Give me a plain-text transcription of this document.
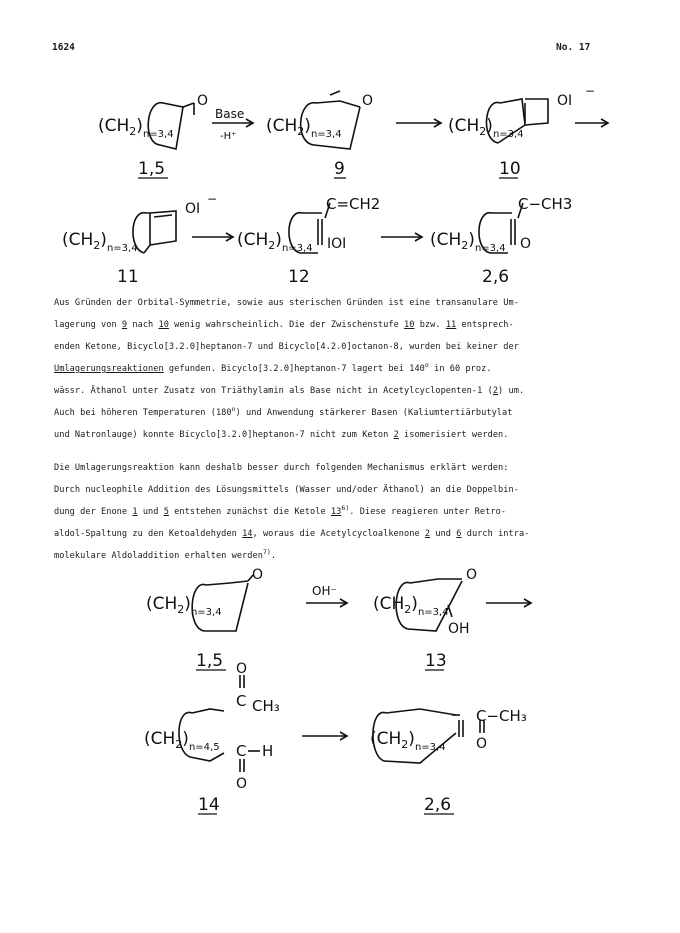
1624	No. 17
$(CH_2)_{n=3,4}$
O
Base
-H⁺
1,5
$(CH_2)_{n=3,4}$
O
9
$(CH_2)_{n=3,4}$
OI
−
10
$(CH_2)_{n=3,4}$
OI
−
$(CH_2)_{n=3,4}$
C=CH2
IOI	$(CH_2)_{n=3,4}$
C−CH3
O
11	12	2,6
Aus Gründen der Orbital-Symmetrie, sowie aus sterischen Gründen ist eine transanulare Um-
lagerung von 9 nach 10 wenig wahrscheinlich. Die der Zwischenstufe 10 bzw. 11 entsprech-
enden Ketone, Bicyclo[3.2.0]heptanon-7 und Bicyclo[4.2.0]octanon-8, wurden bei keiner der
Umlagerungsreaktionen gefunden. Bicyclo[3.2.0]heptanon-7 lagert bei 140$^o$ in 60 proz.
wässr. Äthanol unter Zusatz von Triäthylamin als Base nicht in Acetylcyclopenten-1 (2) um.
Auch bei höheren Temperaturen (180$^o$) und Anwendung stärkerer Basen (Kaliumtertiärbutylat
und Natronlauge) konnte Bicyclo[3.2.0]heptanon-7 nicht zum Keton 2 isomerisiert werden.
Die Umlagerungsreaktion kann deshalb besser durch folgenden Mechanismus erklärt werden:
Durch nucleophile Addition des Lösungsmittels (Wasser und/oder Äthanol) an die Doppelbin-
dung der Enone 1 und 5 entstehen zunächst die Ketole 13$^{6)}$. Diese reagieren unter Retro-
aldol-Spaltung zu den Ketoaldehyden 14, woraus die Acetylcycloalkenone 2 und 6 durch intra-
molekulare Aldoladdition erhalten werden$^{7)}$.
$(CH_2)_{n=3,4}$
O
OH⁻
$(CH_2)_{n=3,4}$
O
OH
1,5	13
O
C CH₃
$(CH_2)_{n=4,5}$ C H
O
14
$(CH_2)_{n=3,4}$
C−CH₃
O
2,6
